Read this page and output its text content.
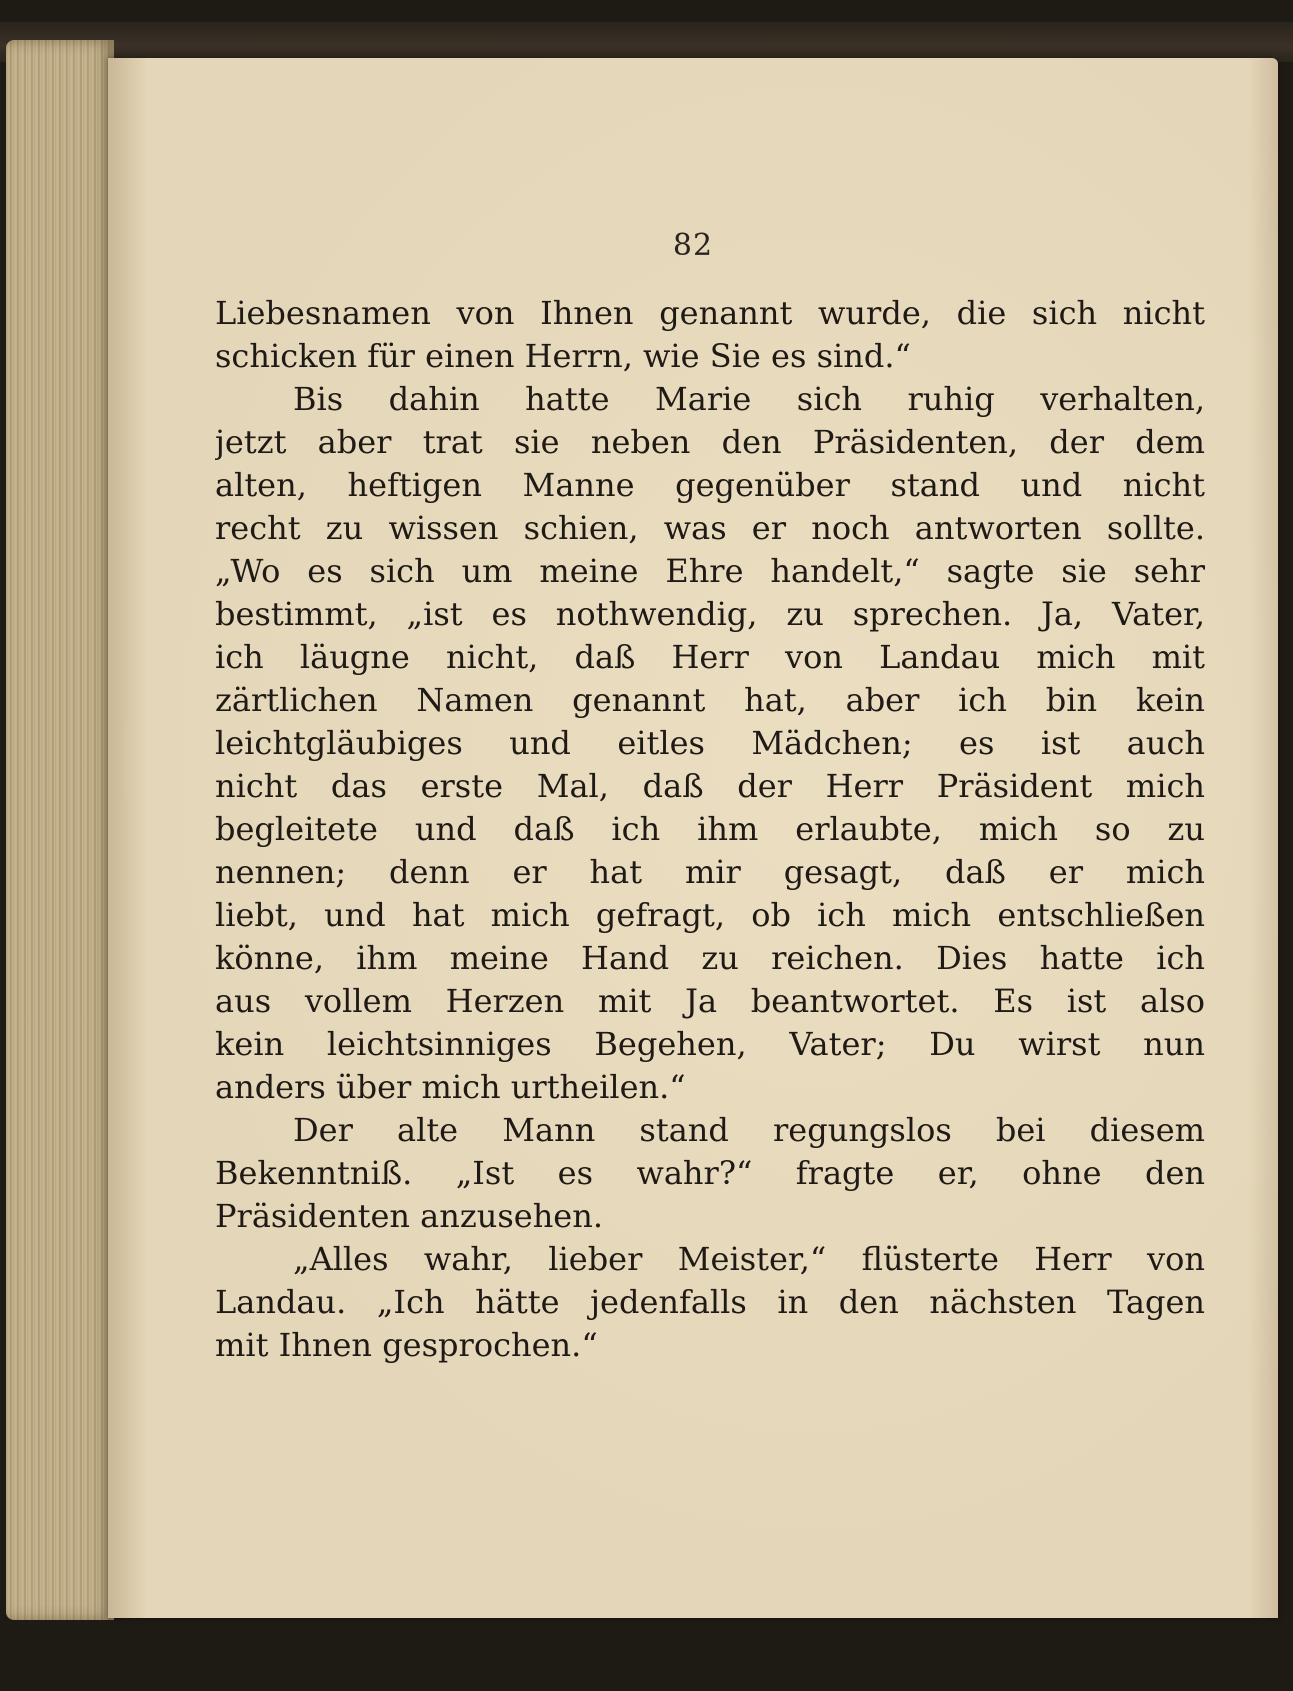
82
Liebesnamen von Ihnen genannt wurde, die sich nicht
schicken für einen Herrn, wie Sie es sind.“
Bis dahin hatte Marie sich ruhig verhalten,
jetzt aber trat sie neben den Präsidenten, der dem
alten, heftigen Manne gegenüber stand und nicht
recht zu wissen schien, was er noch antworten sollte.
„Wo es sich um meine Ehre handelt,“ sagte sie sehr
bestimmt, „ist es nothwendig, zu sprechen. Ja, Vater,
ich läugne nicht, daß Herr von Landau mich mit
zärtlichen Namen genannt hat, aber ich bin kein
leichtgläubiges und eitles Mädchen; es ist auch
nicht das erste Mal, daß der Herr Präsident mich
begleitete und daß ich ihm erlaubte, mich so zu
nennen; denn er hat mir gesagt, daß er mich
liebt, und hat mich gefragt, ob ich mich entschließen
könne, ihm meine Hand zu reichen. Dies hatte ich
aus vollem Herzen mit Ja beantwortet. Es ist also
kein leichtsinniges Begehen, Vater; Du wirst nun
anders über mich urtheilen.“
Der alte Mann stand regungslos bei diesem
Bekenntniß. „Ist es wahr?“ fragte er, ohne den
Präsidenten anzusehen.
„Alles wahr, lieber Meister,“ flüsterte Herr von
Landau. „Ich hätte jedenfalls in den nächsten Tagen
mit Ihnen gesprochen.“
